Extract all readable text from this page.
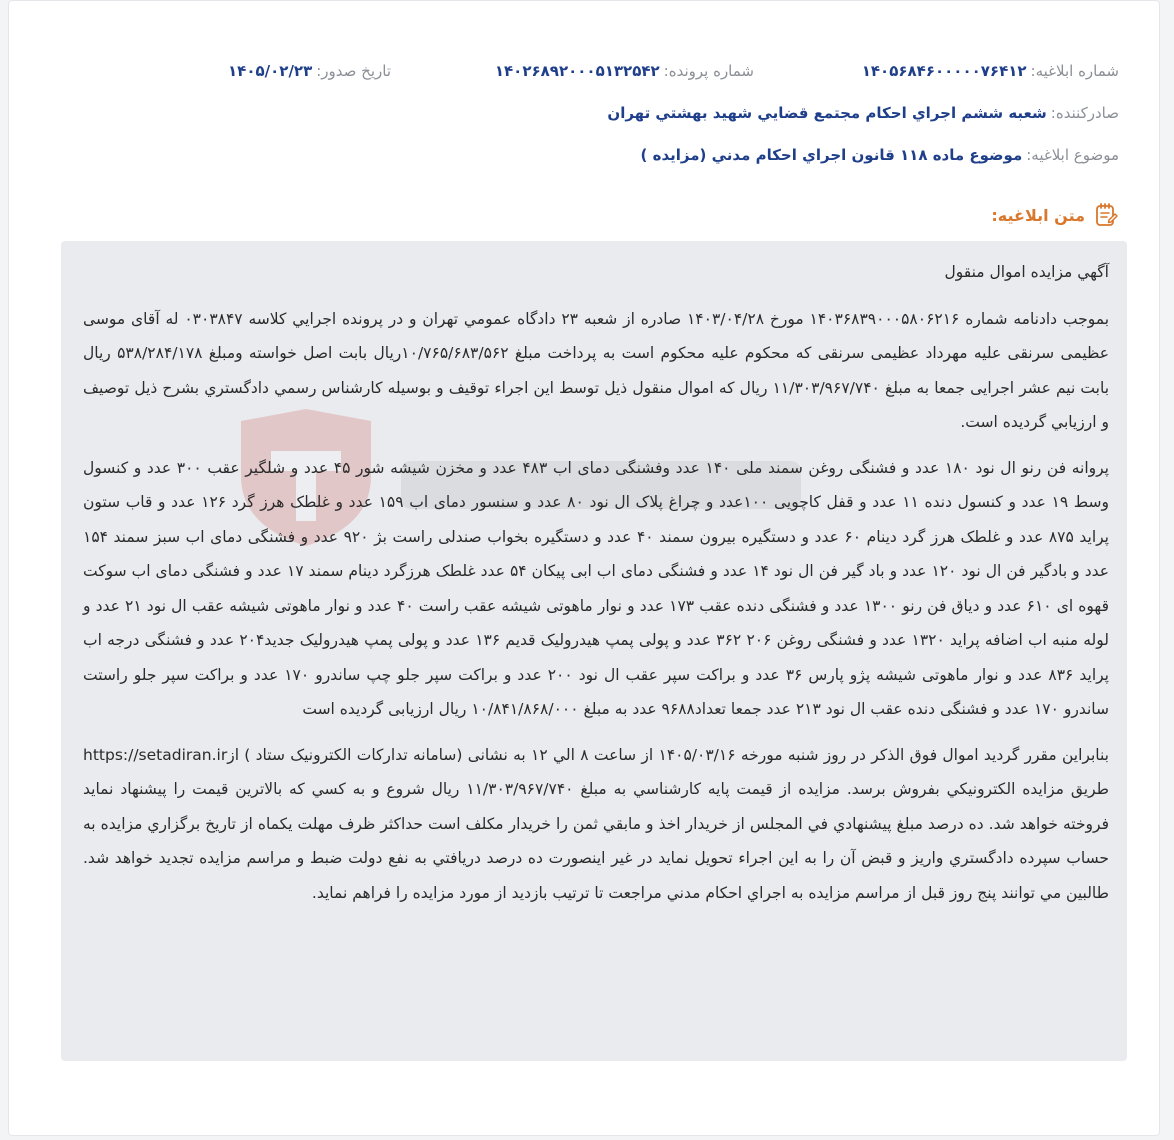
شماره ابلاغيه:
۱۴۰۵۶۸۴۶۰۰۰۰۰۷۶۴۱۲
شماره پرونده:
۱۴۰۲۶۸۹۲۰۰۰۵۱۳۲۵۴۲
تاريخ صدور:
۱۴۰۵/۰۲/۲۳
صادرکننده:
شعبه ششم اجراي احكام مجتمع قضايي شهيد بهشتي تهران
موضوع ابلاغيه:
موضوع ماده ۱۱۸ قانون اجراي احكام مدني (مزايده )
متن ابلاغيه:

آگهي مزايده اموال منقول

بموجب دادنامه شماره ۱۴۰۳۶۸۳۹۰۰۰۵۸۰۶۲۱۶ مورخ ۱۴۰۳/۰۴/۲۸ صادره از شعبه ۲۳ دادگاه عمومي تهران و در پرونده اجرايي كلاسه ۰۳۰۳۸۴۷ له آقای موسی عظیمی سرنقی علیه مهرداد عظیمی سرنقی که محکوم علیه محکوم است به پرداخت مبلغ ۱۰/۷۶۵/۶۸۳/۵۶۲ریال بابت اصل خواسته ومبلغ ۵۳۸/۲۸۴/۱۷۸ ریال بابت نیم عشر اجرایی جمعا به مبلغ ۱۱/۳۰۳/۹۶۷/۷۴۰ ریال كه اموال منقول ذيل توسط اين اجراء توقيف و بوسيله كارشناس رسمي دادگستري بشرح ذيل توصيف و ارزيابي گرديده است.

پروانه فن رنو ال نود ۱۸۰ عدد و فشنگی روغن سمند ملی ۱۴۰ عدد وفشنگی دمای اب ۴۸۳ عدد و مخزن شیشه شور ۴۵ عدد و شلگیر عقب ۳۰۰ عدد و کنسول وسط ۱۹ عدد و کنسول دنده ۱۱ عدد و قفل کاچویی ۱۰۰عدد و چراغ پلاک ال نود ۸۰ عدد و سنسور دمای اب ۱۵۹ عدد و غلطک هرز گرد ۱۲۶ عدد و قاب ستون پراید ۸۷۵ عدد و غلطک هرز گرد دینام ۶۰ عدد و دستگیره بیرون سمند ۴۰ عدد و دستگیره بخواب صندلی راست بژ ۹۲۰ عدد و فشنگی دمای اب سبز سمند ۱۵۴ عدد و بادگیر فن ال نود ۱۲۰ عدد و باد گیر فن ال نود ۱۴ عدد و فشنگی دمای اب ابی پیکان ۵۴ عدد غلطک هرزگرد دینام سمند ۱۷ عدد و فشنگی دمای اب سوکت قهوه ای ۶۱۰ عدد و دیاق فن رنو ۱۳۰۰ عدد و فشنگی دنده عقب ۱۷۳ عدد و نوار ماهوتی شیشه عقب راست ۴۰ عدد و نوار ماهوتی شیشه عقب ال نود ۲۱ عدد و لوله منبه اب اضافه پراید ۱۳۲۰ عدد و فشنگی روغن ۲۰۶ ۳۶۲ عدد و پولی پمپ هیدرولیک قدیم ۱۳۶ عدد و پولی پمپ هیدرولیک جدید۲۰۴ عدد و فشنگی درجه اب پراید ۸۳۶ عدد و نوار ماهوتی شیشه پژو پارس ۳۶ عدد و براکت سپر عقب ال نود ۲۰۰ عدد و براکت سپر جلو چپ ساندرو ۱۷۰ عدد و براکت سپر جلو راستت ساندرو ۱۷۰ عدد و فشنگی دنده عقب ال نود ۲۱۳ عدد جمعا تعداد۹۶۸۸ عدد به مبلغ ۱۰/۸۴۱/۸۶۸/۰۰۰ ریال ارزیابی گردیده است

بنابراين مقرر گرديد اموال فوق الذكر در روز شنبه مورخه ۱۴۰۵/۰۳/۱۶ از ساعت ۸ الي ۱۲ به نشانی (سامانه تدارکات الکترونیک ستاد ) ازhttps://setadiran.ir طريق مزايده الكترونيكي بفروش برسد. مزايده از قيمت پايه كارشناسي به مبلغ ۱۱/۳۰۳/۹۶۷/۷۴۰ ریال شروع و به كسي كه بالاترين قيمت را پيشنهاد نمايد فروخته خواهد شد. ده درصد مبلغ پيشنهادي في المجلس از خريدار اخذ و مابقي ثمن را خريدار مكلف است حداكثر ظرف مهلت يكماه از تاريخ برگزاري مزايده به حساب سپرده دادگستري واريز و قبض آن را به اين اجراء تحويل نمايد در غير اينصورت ده درصد دريافتي به نفع دولت ضبط و مراسم مزايده تجديد خواهد شد. طالبين مي توانند پنج روز قبل از مراسم مزايده به اجراي احكام مدني مراجعت تا ترتيب بازديد از مورد مزايده را فراهم نمايد.
